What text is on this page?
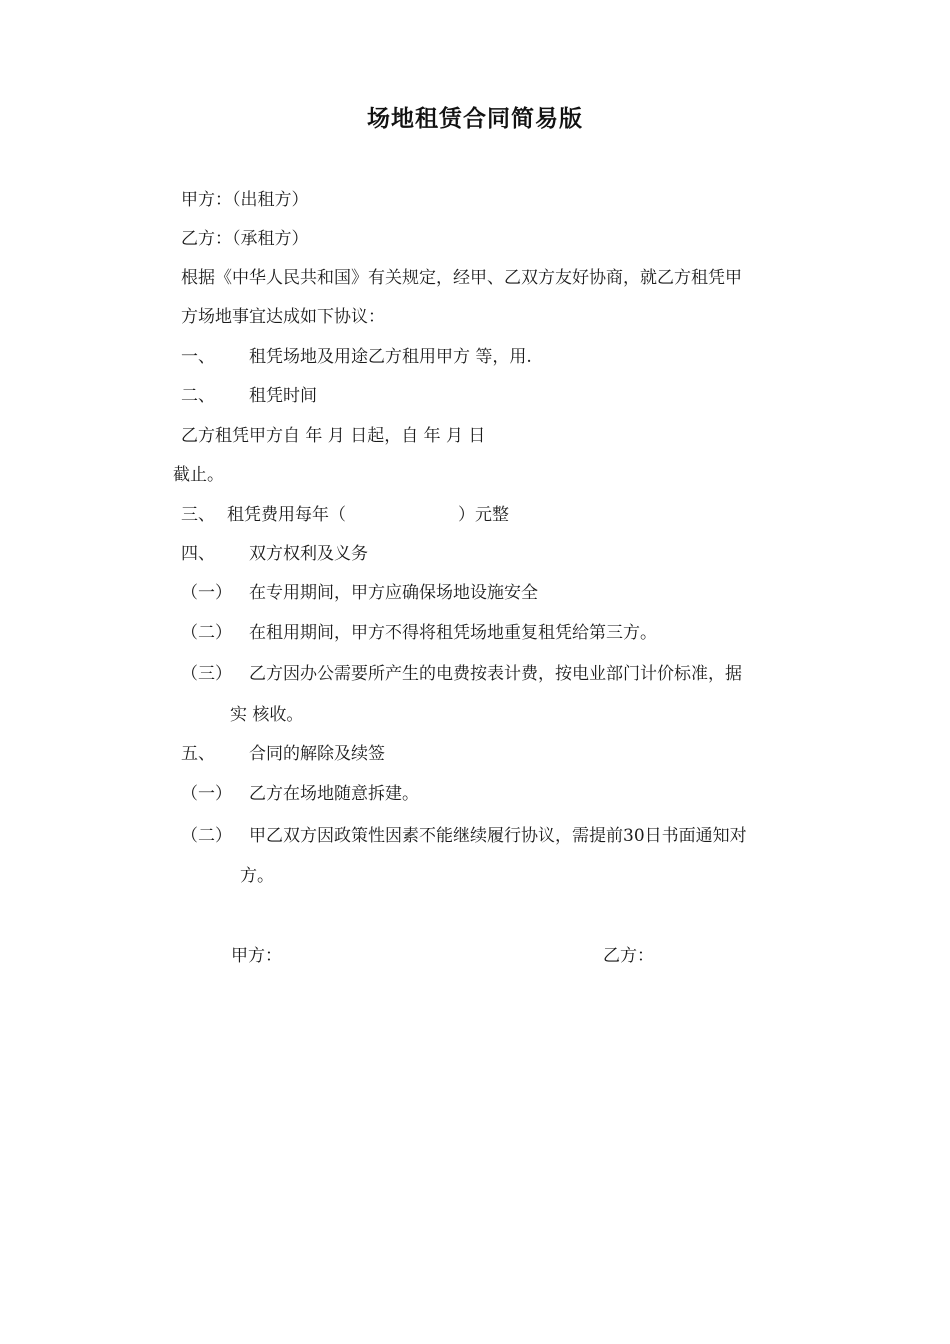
场地租赁合同简易版
甲方：（出租方）
乙方：（承租方）
根据《中华人民共和国》有关规定，经甲、乙双方友好协商，就乙方租凭甲
方场地事宜达成如下协议：
一、 租凭场地及用途乙方租用甲方 等，用.
二、 租凭时间
乙方租凭甲方自 年 月 日起，自 年 月 日
截止。
三、 租凭费用每年（	）元整
四、 双方权利及义务
（一） 在专用期间，甲方应确保场地设施安全
（二） 在租用期间，甲方不得将租凭场地重复租凭给第三方。
（三） 乙方因办公需要所产生的电费按表计费，按电业部门计价标准，据
实 核收。
五、 合同的解除及续签
（一） 乙方在场地随意拆建。
（二） 甲乙双方因政策性因素不能继续履行协议，需提前30日书面通知对
方。
甲方：	乙方：
